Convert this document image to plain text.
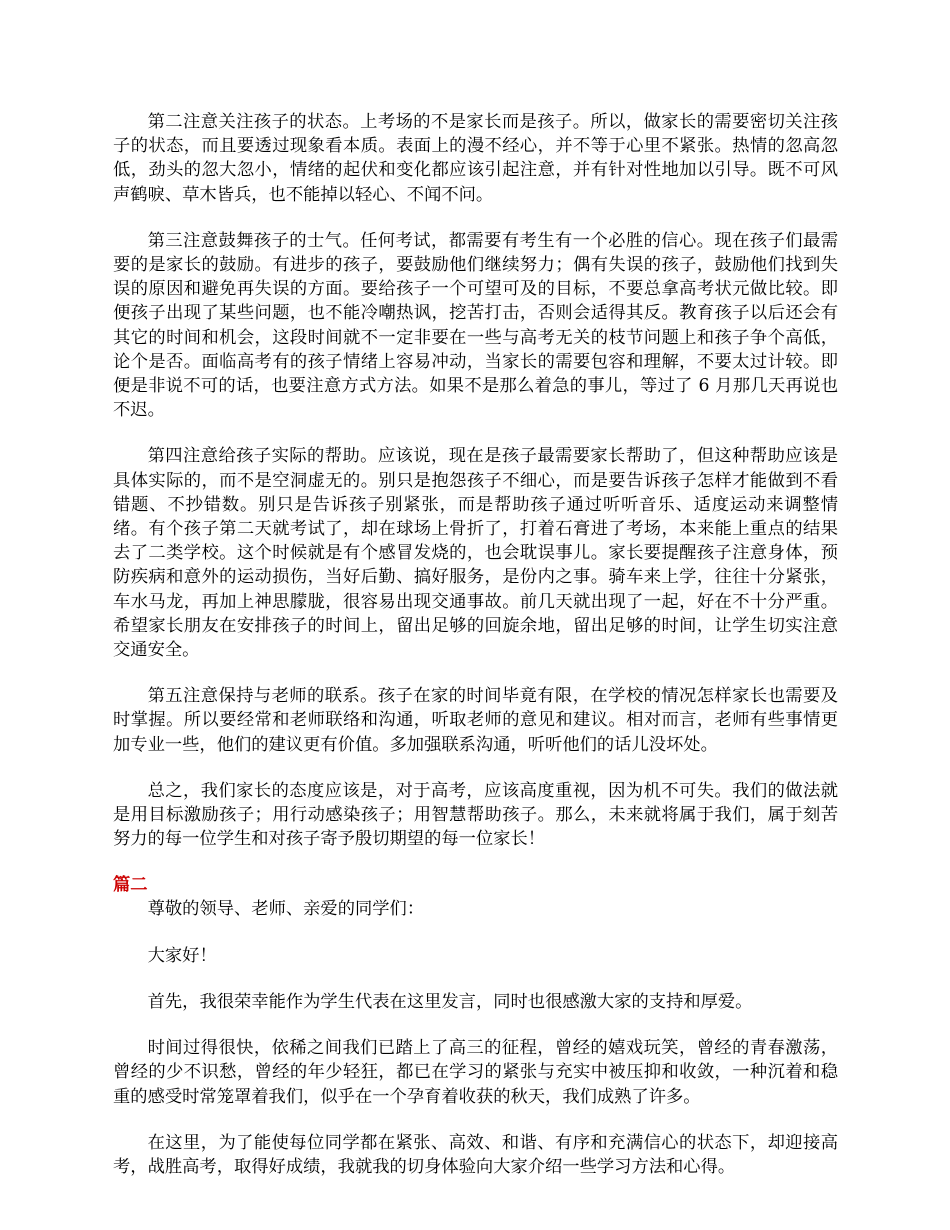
第二注意关注孩子的状态。上考场的不是家长而是孩子。所以，做家长的需要密切关注孩子的状态，而且要透过现象看本质。表面上的漫不经心，并不等于心里不紧张。热情的忽高忽低，劲头的忽大忽小，情绪的起伏和变化都应该引起注意，并有针对性地加以引导。既不可风声鹤唳、草木皆兵，也不能掉以轻心、不闻不问。

第三注意鼓舞孩子的士气。任何考试，都需要有考生有一个必胜的信心。现在孩子们最需要的是家长的鼓励。有进步的孩子，要鼓励他们继续努力；偶有失误的孩子，鼓励他们找到失误的原因和避免再失误的方面。要给孩子一个可望可及的目标，不要总拿高考状元做比较。即便孩子出现了某些问题，也不能冷嘲热讽，挖苦打击，否则会适得其反。教育孩子以后还会有其它的时间和机会，这段时间就不一定非要在一些与高考无关的枝节问题上和孩子争个高低，论个是否。面临高考有的孩子情绪上容易冲动，当家长的需要包容和理解，不要太过计较。即便是非说不可的话，也要注意方式方法。如果不是那么着急的事儿，等过了 6 月那几天再说也不迟。

第四注意给孩子实际的帮助。应该说，现在是孩子最需要家长帮助了，但这种帮助应该是具体实际的，而不是空洞虚无的。别只是抱怨孩子不细心，而是要告诉孩子怎样才能做到不看错题、不抄错数。别只是告诉孩子别紧张，而是帮助孩子通过听听音乐、适度运动来调整情绪。有个孩子第二天就考试了，却在球场上骨折了，打着石膏进了考场，本来能上重点的结果去了二类学校。这个时候就是有个感冒发烧的，也会耽误事儿。家长要提醒孩子注意身体，预防疾病和意外的运动损伤，当好后勤、搞好服务，是份内之事。骑车来上学，往往十分紧张，车水马龙，再加上神思朦胧，很容易出现交通事故。前几天就出现了一起，好在不十分严重。希望家长朋友在安排孩子的时间上，留出足够的回旋余地，留出足够的时间，让学生切实注意交通安全。

第五注意保持与老师的联系。孩子在家的时间毕竟有限，在学校的情况怎样家长也需要及时掌握。所以要经常和老师联络和沟通，听取老师的意见和建议。相对而言，老师有些事情更加专业一些，他们的建议更有价值。多加强联系沟通，听听他们的话儿没坏处。

总之，我们家长的态度应该是，对于高考，应该高度重视，因为机不可失。我们的做法就是用目标激励孩子；用行动感染孩子；用智慧帮助孩子。那么，未来就将属于我们，属于刻苦努力的每一位学生和对孩子寄予殷切期望的每一位家长！

篇二

尊敬的领导、老师、亲爱的同学们：

大家好！

首先，我很荣幸能作为学生代表在这里发言，同时也很感激大家的支持和厚爱。

时间过得很快，依稀之间我们已踏上了高三的征程，曾经的嬉戏玩笑，曾经的青春激荡，曾经的少不识愁，曾经的年少轻狂，都已在学习的紧张与充实中被压抑和收敛，一种沉着和稳重的感受时常笼罩着我们，似乎在一个孕育着收获的秋天，我们成熟了许多。

在这里，为了能使每位同学都在紧张、高效、和谐、有序和充满信心的状态下，却迎接高考，战胜高考，取得好成绩，我就我的切身体验向大家介绍一些学习方法和心得。
